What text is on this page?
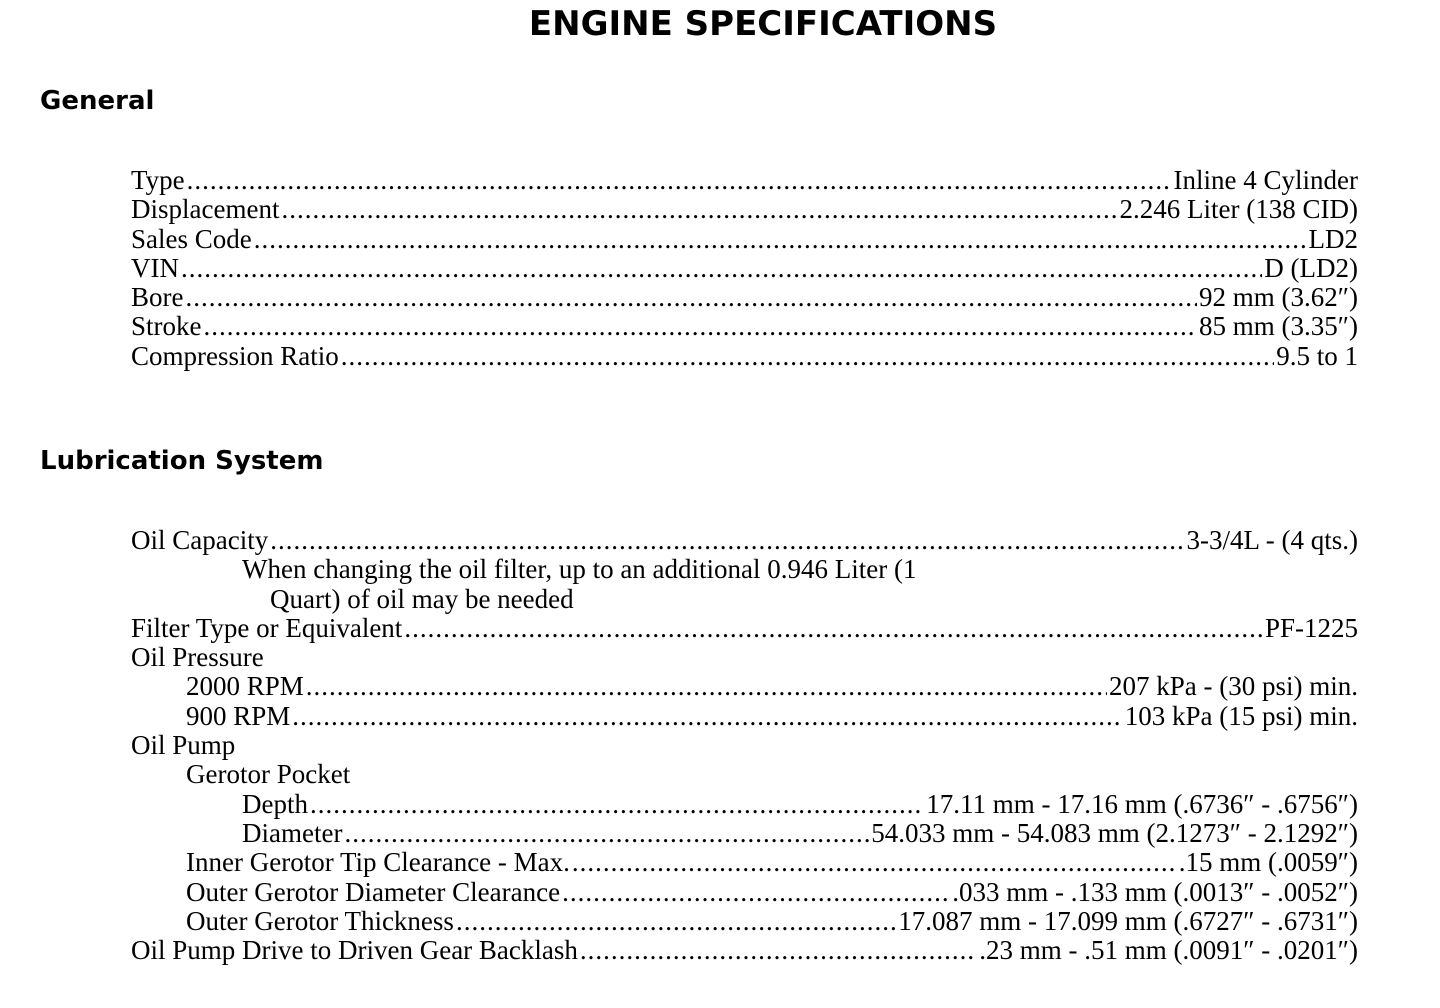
ENGINE SPECIFICATIONS
General
Type .....	Inline 4 Cylinder
Displacement .....	2.246 Liter (138 CID)
Sales Code .....	LD2
VIN .....	D (LD2)
Bore .....	92 mm (3.62″)
Stroke .....	85 mm (3.35″)
Compression Ratio .....	9.5 to 1
Lubrication System
Oil Capacity .....	3-3/4L - (4 qts.)
When changing the oil filter, up to an additional 0.946 Liter (1
Quart) of oil may be needed
Filter Type or Equivalent .....	PF-1225
Oil Pressure
2000 RPM .....	207 kPa - (30 psi) min.
900 RPM .....	103 kPa (15 psi) min.
Oil Pump
Gerotor Pocket
Depth .....	17.11 mm - 17.16 mm (.6736″ - .6756″)
Diameter .....	54.033 mm - 54.083 mm (2.1273″ - 2.1292″)
Inner Gerotor Tip Clearance - Max. .....	.15 mm (.0059″)
Outer Gerotor Diameter Clearance .....	.033 mm - .133 mm (.0013″ - .0052″)
Outer Gerotor Thickness .....	17.087 mm - 17.099 mm (.6727″ - .6731″)
Oil Pump Drive to Driven Gear Backlash .....	.23 mm - .51 mm (.0091″ - .0201″)
